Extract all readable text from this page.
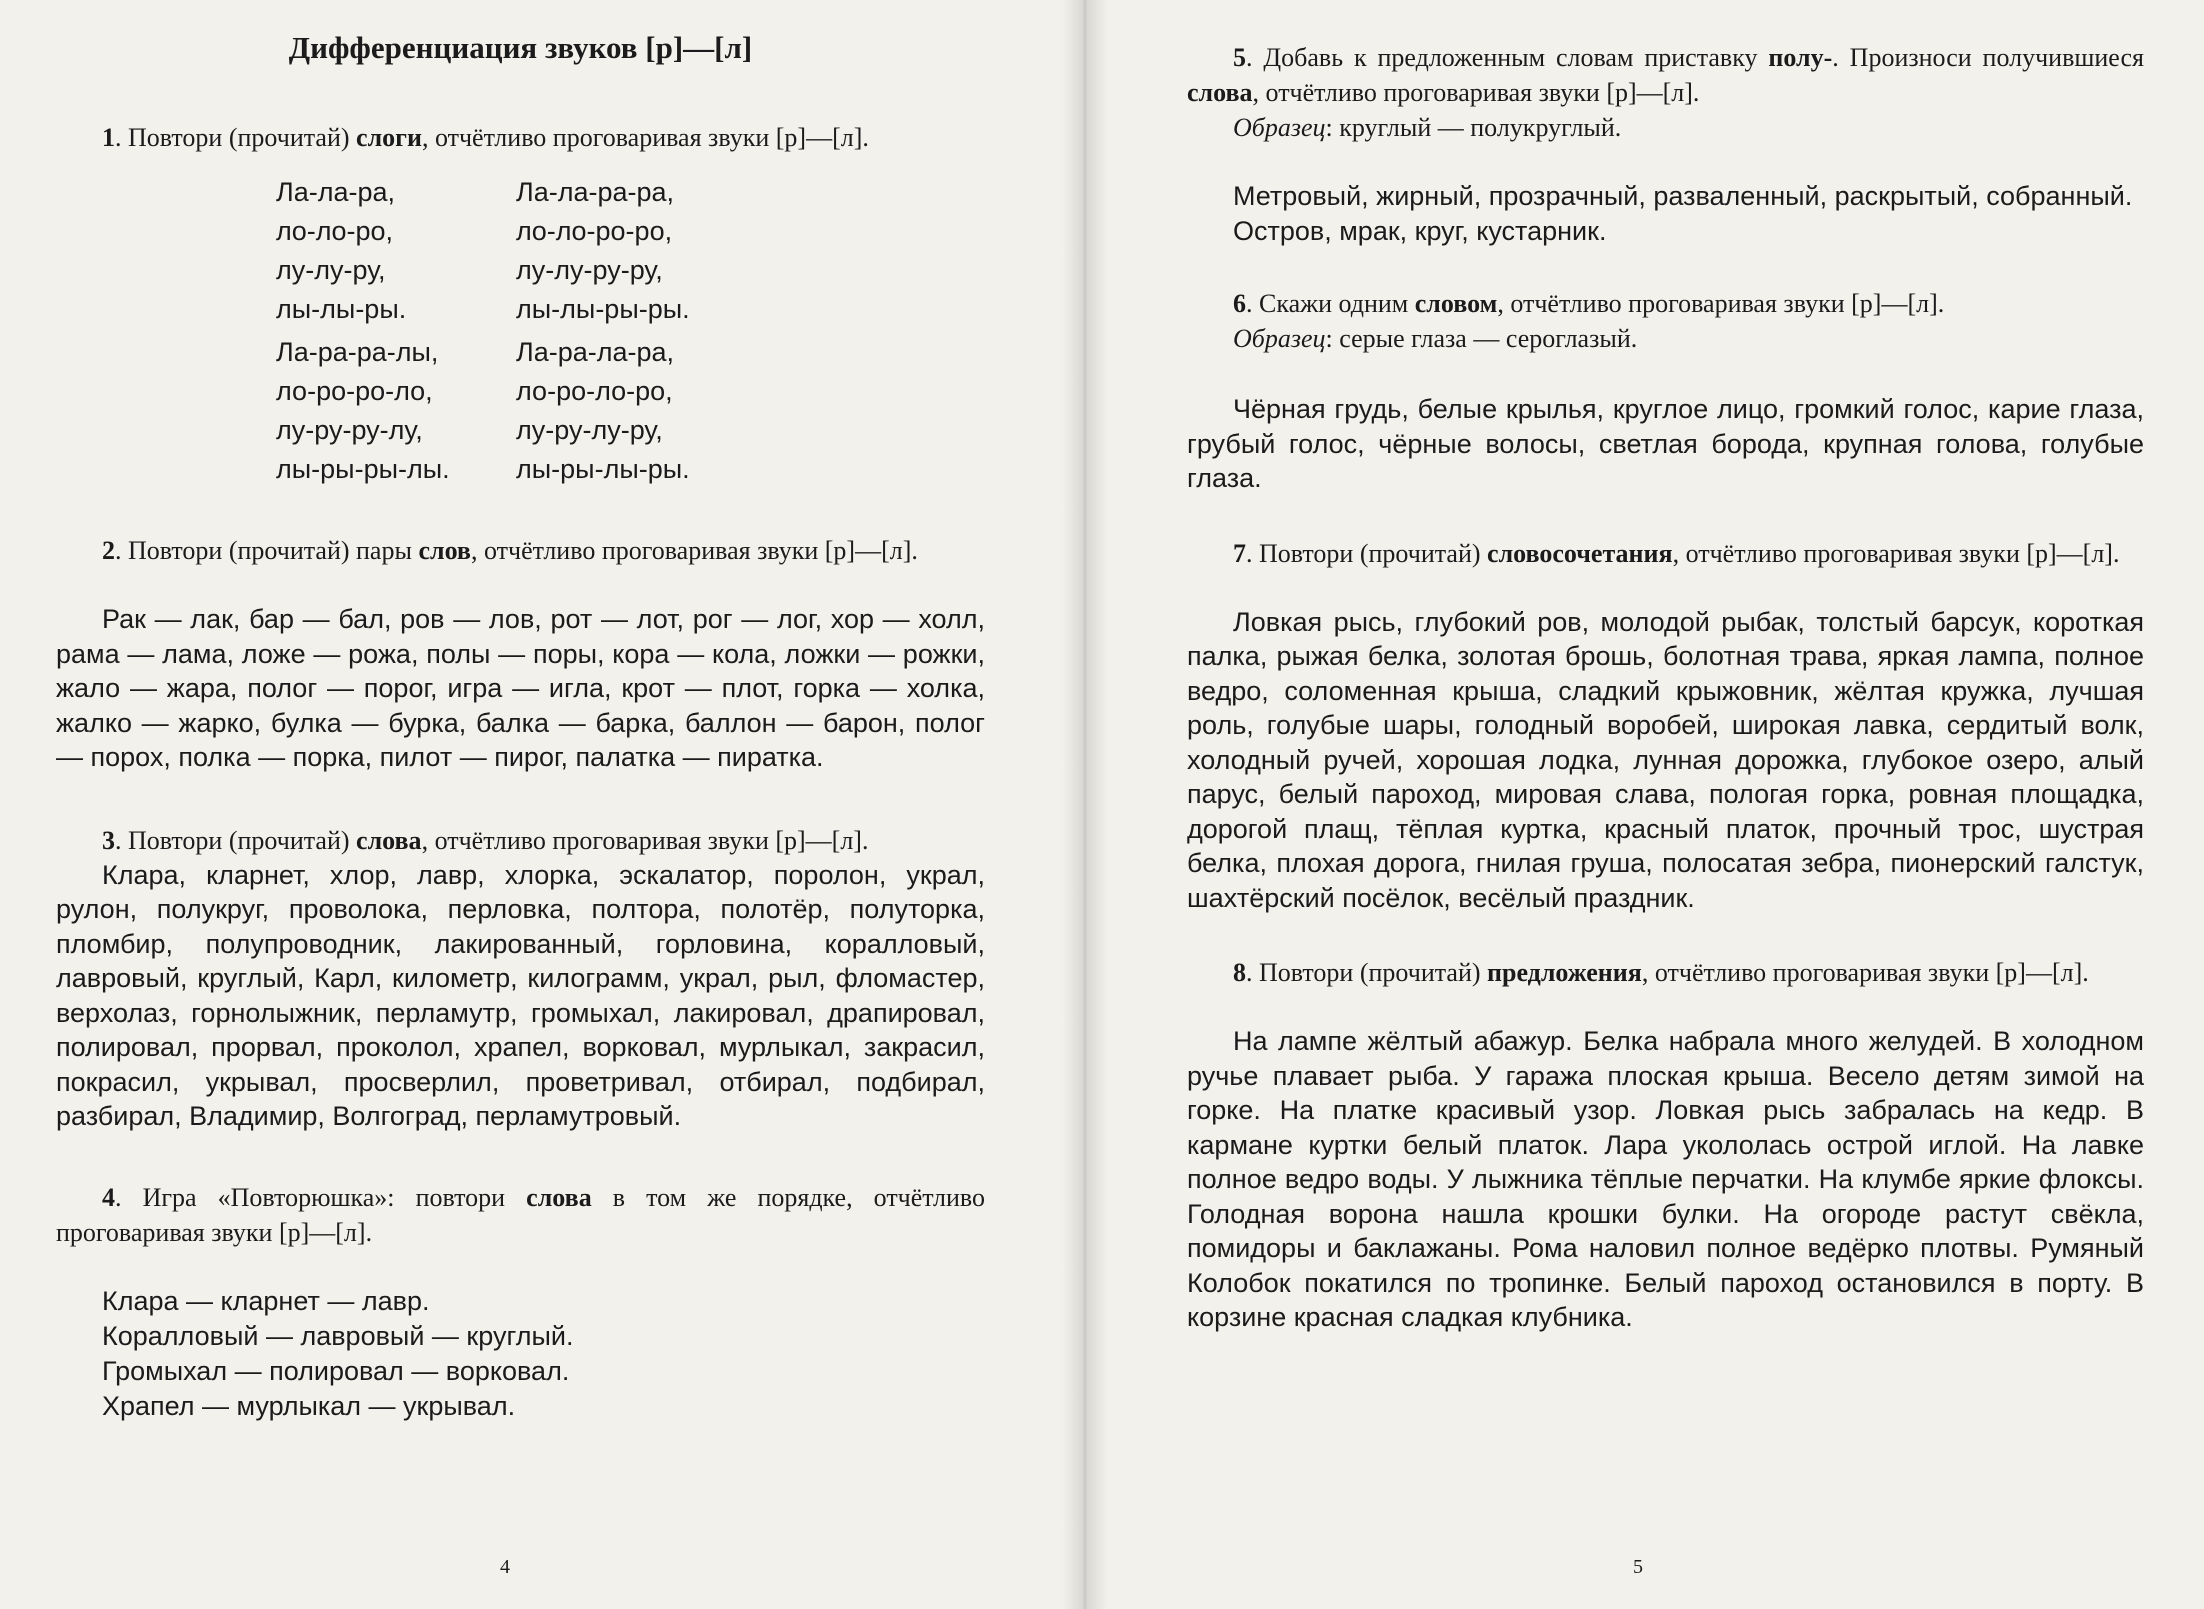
Дифференциация звуков [р]—[л]

1. Повтори (прочитай) слоги, отчётливо проговаривая звуки [р]—[л].

Ла-ла-ра,	Ла-ла-ра-ра,
лo-лo-ро,	лo-лo-ро-ро,
лу-лу-ру,	лу-лу-ру-ру,
лы-лы-ры.	лы-лы-ры-ры.
Ла-ра-ра-лы,	Ла-ра-ла-ра,
ло-ро-ро-ло,	ло-ро-ло-ро,
лу-ру-ру-лу,	лу-ру-лу-ру,
лы-ры-ры-лы.	лы-ры-лы-ры.

2. Повтори (прочитай) пары слов, отчётливо проговаривая звуки [р]—[л].

Рак — лак, бар — бал, ров — лов, рот — лот, рог — лог, хор — холл, рама — лама, ложе — рожа, полы — поры, кора — кола, ложки — рожки, жало — жара, полог — порог, игра — игла, крот — плот, горка — холка, жалко — жарко, булка — бурка, балка — барка, баллон — барон, полог — порох, полка — порка, пилот — пирог, палатка — пиратка.

3. Повтори (прочитай) слова, отчётливо проговаривая звуки [р]—[л].

Клара, кларнет, хлор, лавр, хлорка, эскалатор, поролон, украл, рулон, полукруг, проволока, перловка, полтора, полотёр, полуторка, пломбир, полупроводник, лакированный, горловина, коралловый, лавровый, круглый, Карл, километр, килограмм, украл, рыл, фломастер, верхолаз, горнолыжник, перламутр, громыхал, лакировал, драпировал, полировал, прорвал, проколол, храпел, ворковал, мурлыкал, закрасил, покрасил, укрывал, просверлил, проветривал, отбирал, подбирал, разбирал, Владимир, Волгоград, перламутровый.

4. Игра «Повторюшка»: повтори слова в том же порядке, отчётливо проговаривая звуки [р]—[л].

Клара — кларнет — лавр.
Коралловый — лавровый — круглый.
Громыхал — полировал — ворковал.
Храпел — мурлыкал — укрывал.
4

5. Добавь к предложенным словам приставку полу-. Произноси получившиеся слова, отчётливо проговаривая звуки [р]—[л].

Образец: круглый — полукруглый.

Метровый, жирный, прозрачный, разваленный, раскрытый, собранный.

Остров, мрак, круг, кустарник.

6. Скажи одним словом, отчётливо проговаривая звуки [р]—[л].

Образец: серые глаза — сероглазый.

Чёрная грудь, белые крылья, круглое лицо, громкий голос, карие глаза, грубый голос, чёрные волосы, светлая борода, крупная голова, голубые глаза.

7. Повтори (прочитай) словосочетания, отчётливо проговаривая звуки [р]—[л].

Ловкая рысь, глубокий ров, молодой рыбак, толстый барсук, короткая палка, рыжая белка, золотая брошь, болотная трава, яркая лампа, полное ведро, соломенная крыша, сладкий крыжовник, жёлтая кружка, лучшая роль, голубые шары, голодный воробей, широкая лавка, сердитый волк, холодный ручей, хорошая лодка, лунная дорожка, глубокое озеро, алый парус, белый пароход, мировая слава, пологая горка, ровная площадка, дорогой плащ, тёплая куртка, красный платок, прочный трос, шустрая белка, плохая дорога, гнилая груша, полосатая зебра, пионерский галстук, шахтёрский посёлок, весёлый праздник.

8. Повтори (прочитай) предложения, отчётливо проговаривая звуки [р]—[л].

На лампе жёлтый абажур. Белка набрала много желудей. В холодном ручье плавает рыба. У гаража плоская крыша. Весело детям зимой на горке. На платке красивый узор. Ловкая рысь забралась на кедр. В кармане куртки белый платок. Лара укололась острой иглой. На лавке полное ведро воды. У лыжника тёплые перчатки. На клумбе яркие флоксы. Голодная ворона нашла крошки булки. На огороде растут свёкла, помидоры и баклажаны. Рома наловил полное ведёрко плотвы. Румяный Колобок покатился по тропинке. Белый пароход остановился в порту. В корзине красная сладкая клубника.

5
